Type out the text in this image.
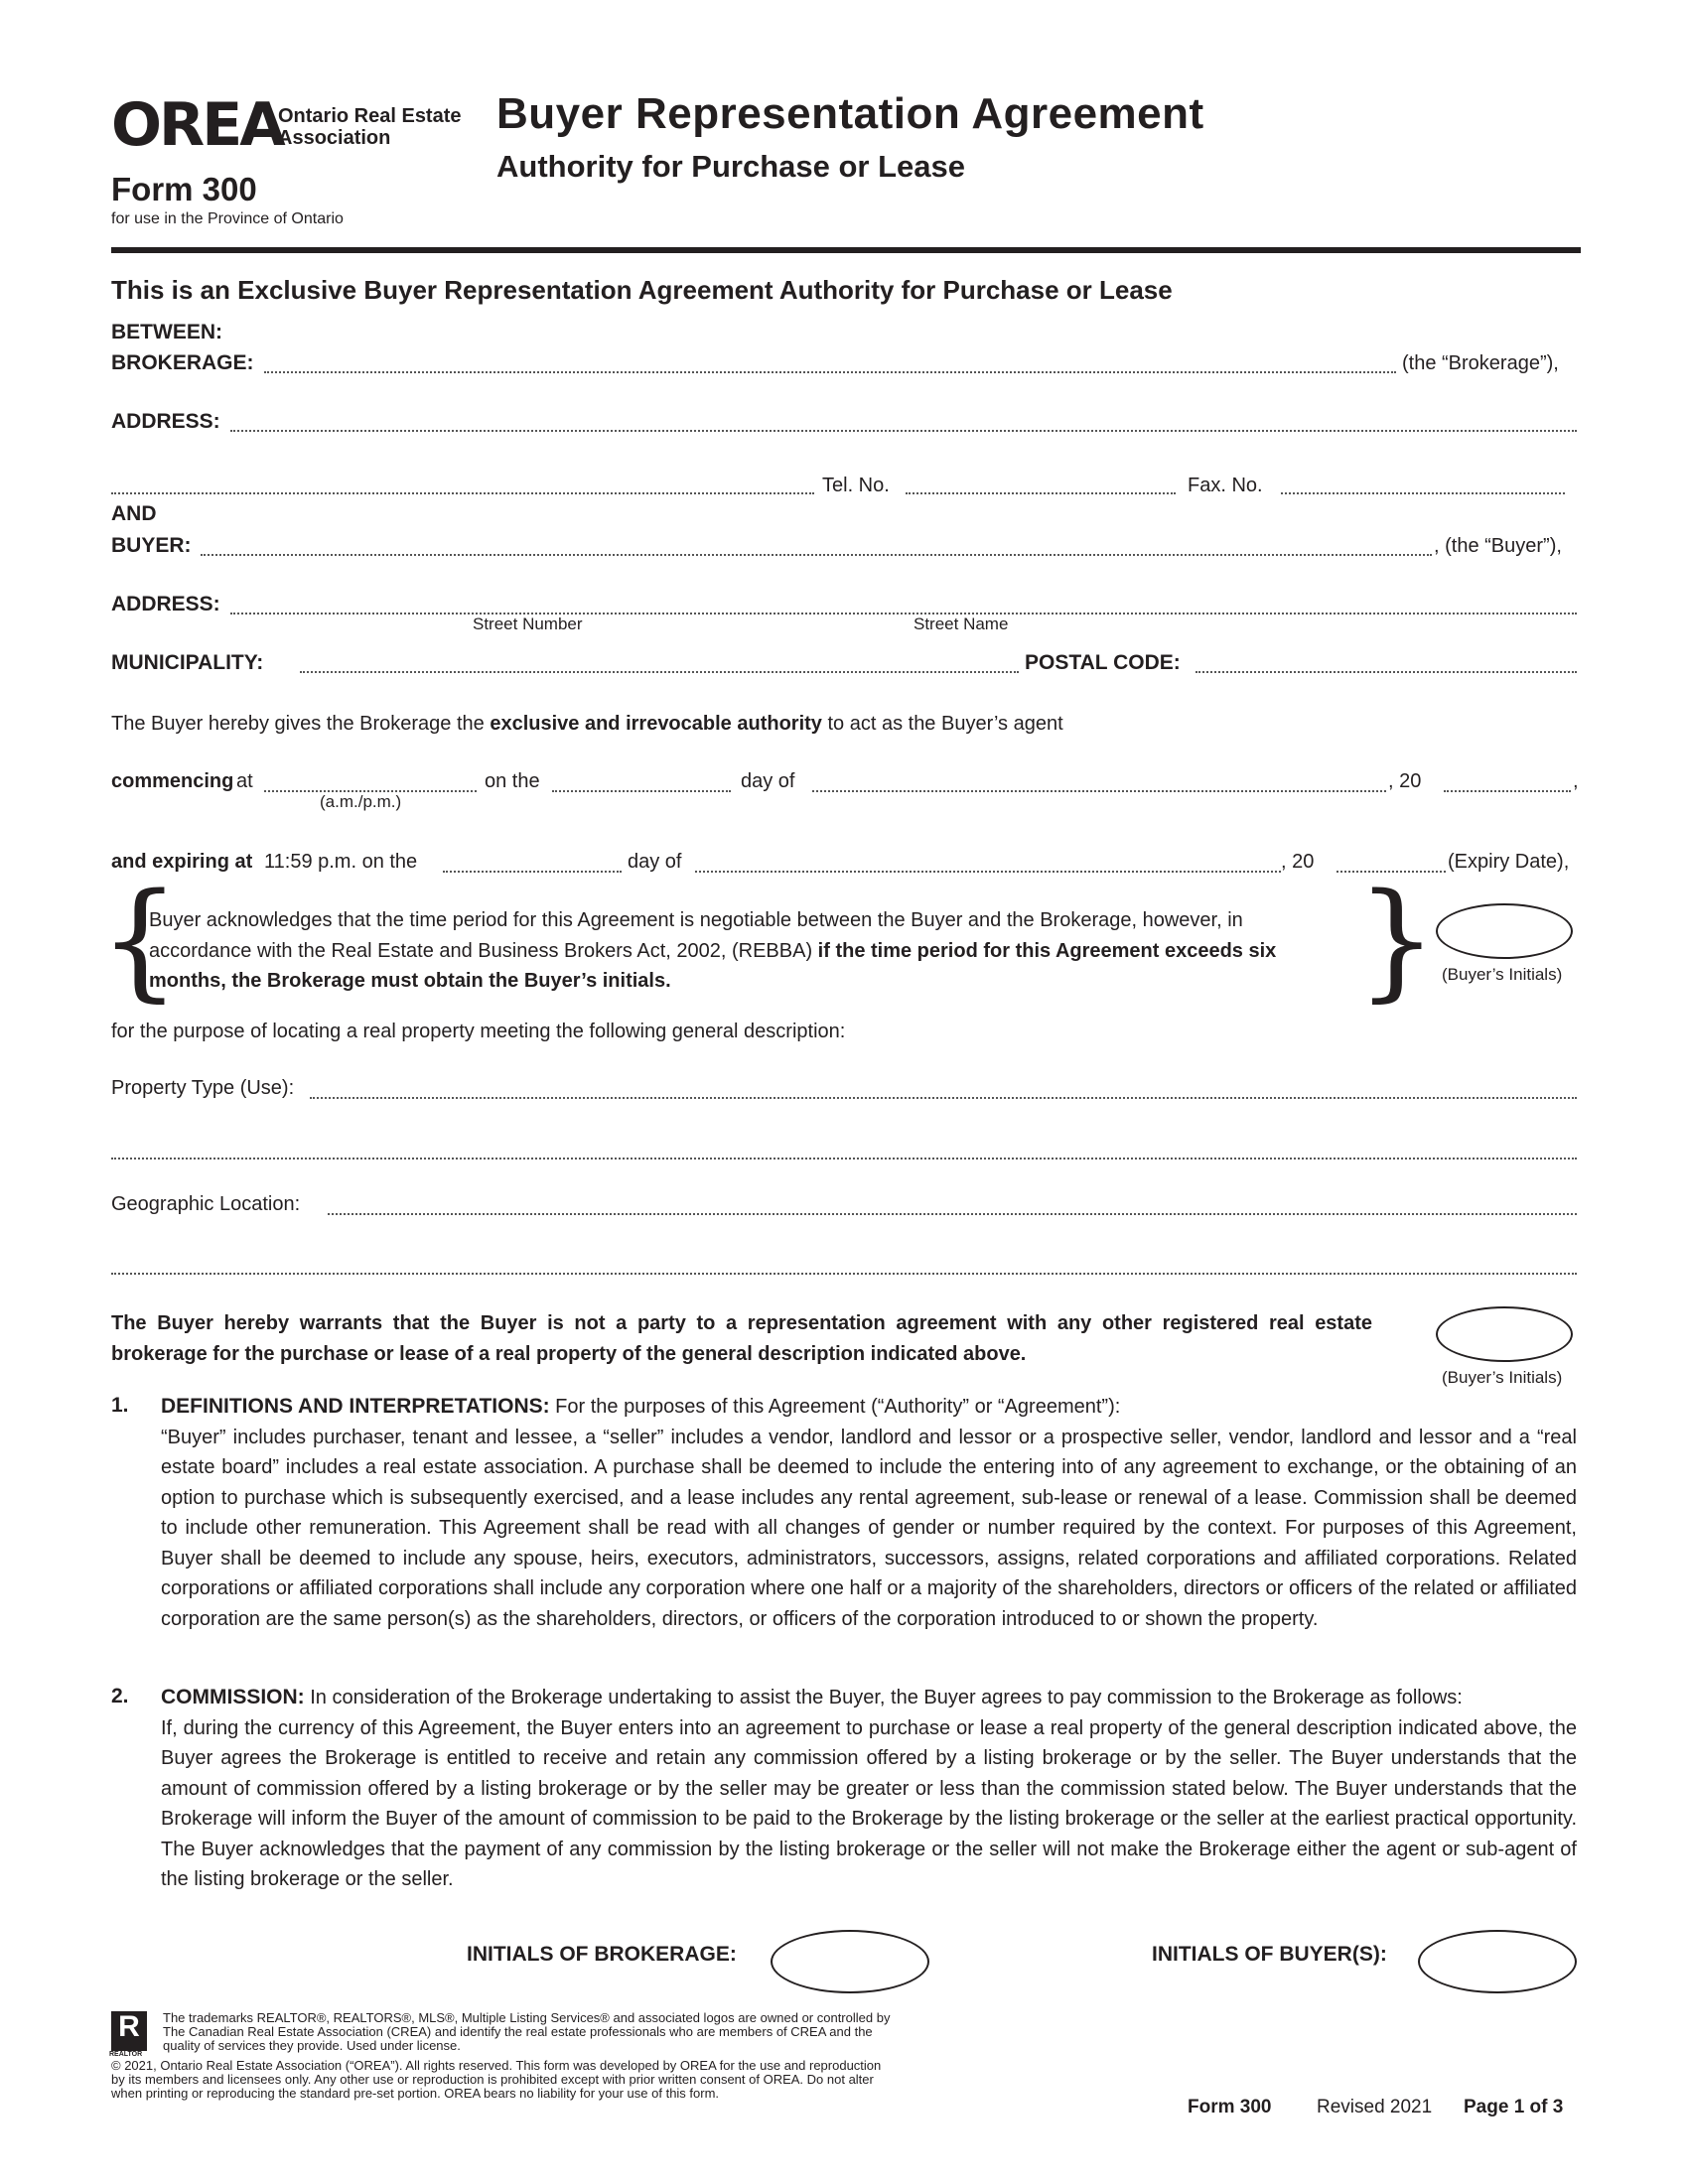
OREA
Ontario Real Estate
Association
Form 300
for use in the Province of Ontario
Buyer Representation Agreement
Authority for Purchase or Lease
This is an Exclusive Buyer Representation Agreement Authority for Purchase or Lease
BETWEEN:
BROKERAGE:	(the “Brokerage”),
ADDRESS:
Tel. No.	Fax. No.
AND
BUYER:	, (the “Buyer”),
ADDRESS:
Street Number	Street Name
MUNICIPALITY:	POSTAL CODE:
The Buyer hereby gives the Brokerage the exclusive and irrevocable authority to act as the Buyer’s agent
commencing at
(a.m./p.m.)
on the	day of	, 20	,
and expiring at 11:59 p.m. on the	day of	, 20	(Expiry Date),
{
Buyer acknowledges that the time period for this Agreement is negotiable between the Buyer and the Brokerage, however, in
accordance with the Real Estate and Business Brokers Act, 2002, (REBBA) if the time period for this Agreement exceeds six
months, the Brokerage must obtain the Buyer’s initials.	} (Buyer’s Initials)
for the purpose of locating a real property meeting the following general description:
Property Type (Use):
Geographic Location:
The Buyer hereby warrants that the Buyer is not a party to a representation agreement with any other registered real estate
brokerage for the purchase or lease of a real property of the general description indicated above.
(Buyer’s Initials)
1. DEFINITIONS AND INTERPRETATIONS: For the purposes of this Agreement (“Authority” or “Agreement”):
“Buyer” includes purchaser, tenant and lessee, a “seller” includes a vendor, landlord and lessor or a prospective seller, vendor, landlord and lessor and a “real estate board” includes a real estate association. A purchase shall be deemed to include the entering into of any agreement to exchange, or the obtaining of an option to purchase which is subsequently exercised, and a lease includes any rental agreement, sub-lease or renewal of a lease. Commission shall be deemed to include other remuneration. This Agreement shall be read with all changes of gender or number required by the context. For purposes of this Agreement, Buyer shall be deemed to include any spouse, heirs, executors, administrators, successors, assigns, related corporations and affiliated corporations. Related corporations or affiliated corporations shall include any corporation where one half or a majority of the shareholders, directors or officers of the related or affiliated corporation are the same person(s) as the shareholders, directors, or officers of the corporation introduced to or shown the property.
2. COMMISSION: In consideration of the Brokerage undertaking to assist the Buyer, the Buyer agrees to pay commission to the Brokerage as follows:
If, during the currency of this Agreement, the Buyer enters into an agreement to purchase or lease a real property of the general description indicated above, the Buyer agrees the Brokerage is entitled to receive and retain any commission offered by a listing brokerage or by the seller. The Buyer understands that the amount of commission offered by a listing brokerage or by the seller may be greater or less than the commission stated below. The Buyer understands that the Brokerage will inform the Buyer of the amount of commission to be paid to the Brokerage by the listing brokerage or the seller at the earliest practical opportunity. The Buyer acknowledges that the payment of any commission by the listing brokerage or the seller will not make the Brokerage either the agent or sub-agent of the listing brokerage or the seller.
INITIALS OF BROKERAGE:	INITIALS OF BUYER(S):
R
REALTOR
The trademarks REALTOR®, REALTORS®, MLS®, Multiple Listing Services® and associated logos are owned or controlled by
The Canadian Real Estate Association (CREA) and identify the real estate professionals who are members of CREA and the
quality of services they provide. Used under license.
© 2021, Ontario Real Estate Association (“OREA”). All rights reserved. This form was developed by OREA for the use and reproduction
by its members and licensees only. Any other use or reproduction is prohibited except with prior written consent of OREA. Do not alter
when printing or reproducing the standard pre-set portion. OREA bears no liability for your use of this form.
Form 300 Revised 2021 Page 1 of 3
